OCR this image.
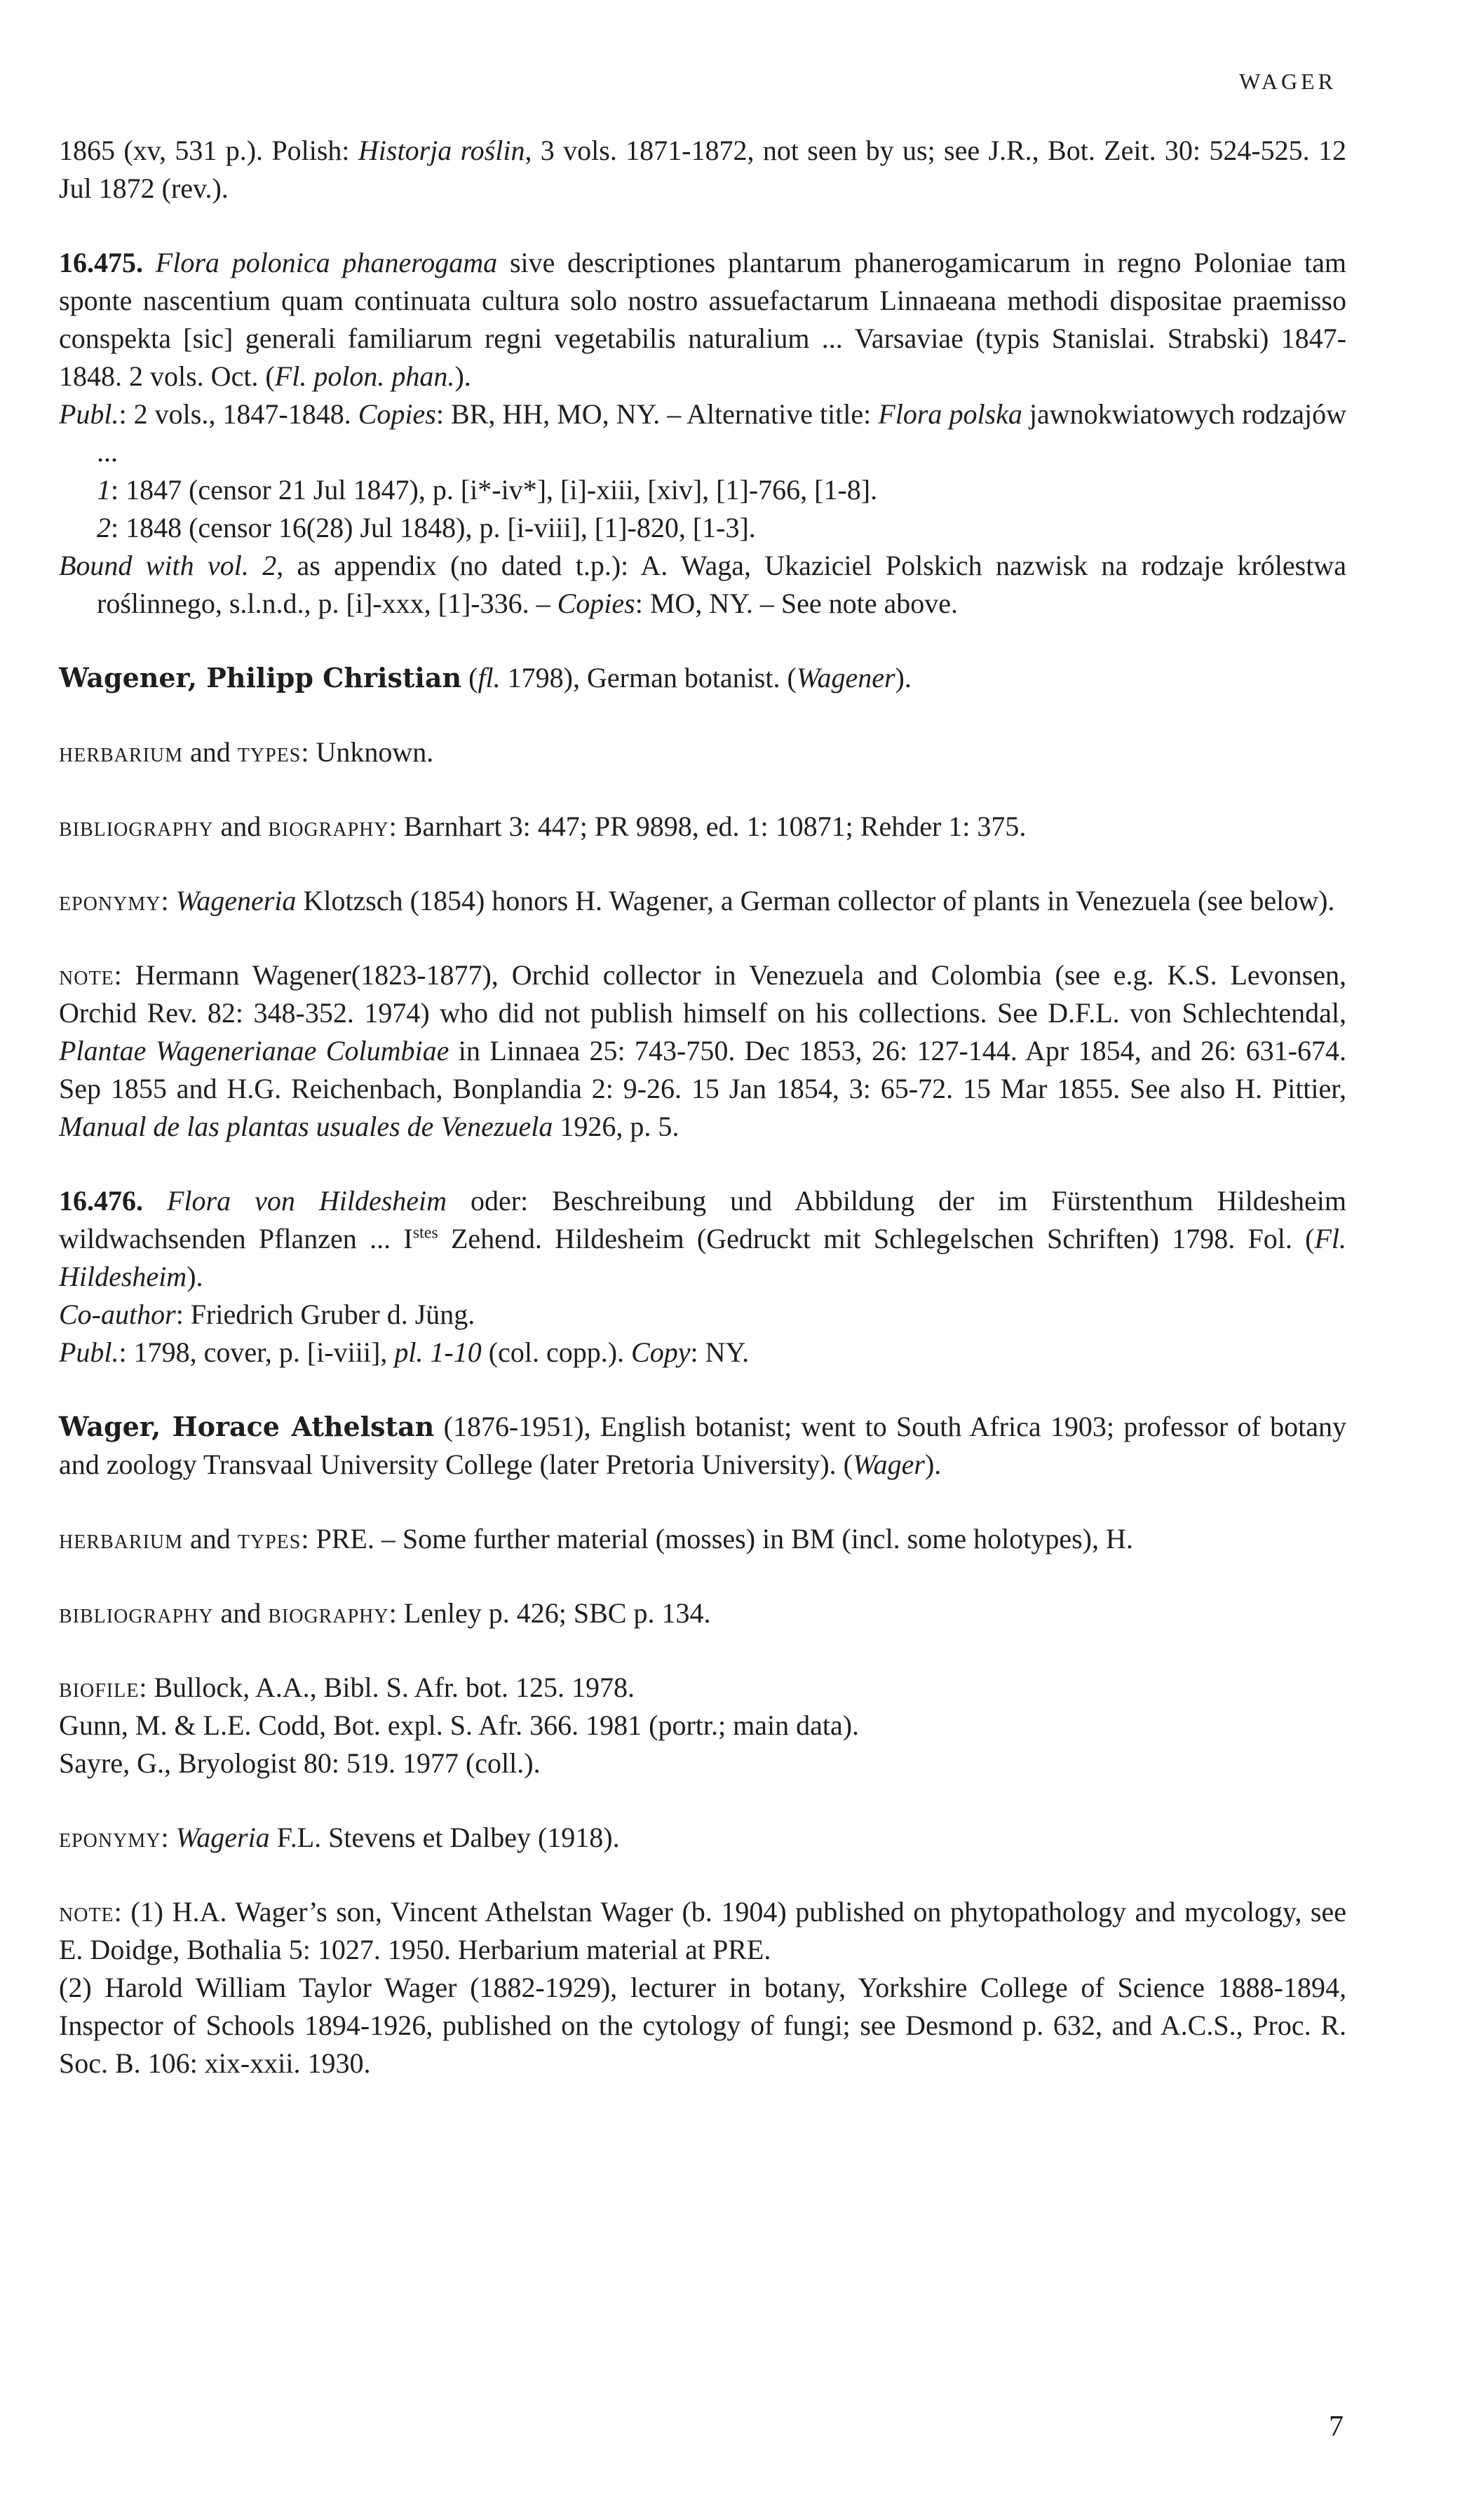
WAGER

1865 (xv, 531 p.). Polish: Historja roślin, 3 vols. 1871-1872, not seen by us; see J.R., Bot. Zeit. 30: 524-525. 12 Jul 1872 (rev.).

16.475. Flora polonica phanerogama sive descriptiones plantarum phanerogamicarum in regno Poloniae tam sponte nascentium quam continuata cultura solo nostro assuefactarum Linnaeana methodi dispositae praemisso conspekta [sic] generali familiarum regni vegetabilis naturalium ... Varsaviae (typis Stanislai. Strabski) 1847-1848. 2 vols. Oct. (Fl. polon. phan.).

Publ.: 2 vols., 1847-1848. Copies: BR, HH, MO, NY. – Alternative title: Flora polska jawnokwiatowych rodzajów ...

1: 1847 (censor 21 Jul 1847), p. [i*-iv*], [i]-xiii, [xiv], [1]-766, [1-8].

2: 1848 (censor 16(28) Jul 1848), p. [i-viii], [1]-820, [1-3].

Bound with vol. 2, as appendix (no dated t.p.): A. Waga, Ukaziciel Polskich nazwisk na rodzaje królestwa roślinnego, s.l.n.d., p. [i]-xxx, [1]-336. – Copies: MO, NY. – See note above.

Wagener, Philipp Christian (fl. 1798), German botanist. (Wagener).

herbarium and types: Unknown.

bibliography and biography: Barnhart 3: 447; PR 9898, ed. 1: 10871; Rehder 1: 375.

eponymy: Wageneria Klotzsch (1854) honors H. Wagener, a German collector of plants in Venezuela (see below).

note: Hermann Wagener(1823-1877), Orchid collector in Venezuela and Colombia (see e.g. K.S. Levonsen, Orchid Rev. 82: 348-352. 1974) who did not publish himself on his collections. See D.F.L. von Schlechtendal, Plantae Wagenerianae Columbiae in Linnaea 25: 743-750. Dec 1853, 26: 127-144. Apr 1854, and 26: 631-674. Sep 1855 and H.G. Reichenbach, Bonplandia 2: 9-26. 15 Jan 1854, 3: 65-72. 15 Mar 1855. See also H. Pittier, Manual de las plantas usuales de Venezuela 1926, p. 5.

16.476. Flora von Hildesheim oder: Beschreibung und Abbildung der im Fürstenthum Hildesheim wildwachsenden Pflanzen ... $I^{stes}$ Zehend. Hildesheim (Gedruckt mit Schlegelschen Schriften) 1798. Fol. (Fl. Hildesheim).

Co-author: Friedrich Gruber d. Jüng.

Publ.: 1798, cover, p. [i-viii], pl. 1-10 (col. copp.). Copy: NY.

Wager, Horace Athelstan (1876-1951), English botanist; went to South Africa 1903; professor of botany and zoology Transvaal University College (later Pretoria University). (Wager).

herbarium and types: PRE. – Some further material (mosses) in BM (incl. some holotypes), H.

bibliography and biography: Lenley p. 426; SBC p. 134.

biofile: Bullock, A.A., Bibl. S. Afr. bot. 125. 1978.

Gunn, M. & L.E. Codd, Bot. expl. S. Afr. 366. 1981 (portr.; main data).

Sayre, G., Bryologist 80: 519. 1977 (coll.).

eponymy: Wageria F.L. Stevens et Dalbey (1918).

note: (1) H.A. Wager’s son, Vincent Athelstan Wager (b. 1904) published on phytopathology and mycology, see E. Doidge, Bothalia 5: 1027. 1950. Herbarium material at PRE.

(2) Harold William Taylor Wager (1882-1929), lecturer in botany, Yorkshire College of Science 1888-1894, Inspector of Schools 1894-1926, published on the cytology of fungi; see Desmond p. 632, and A.C.S., Proc. R. Soc. B. 106: xix-xxii. 1930.

7
